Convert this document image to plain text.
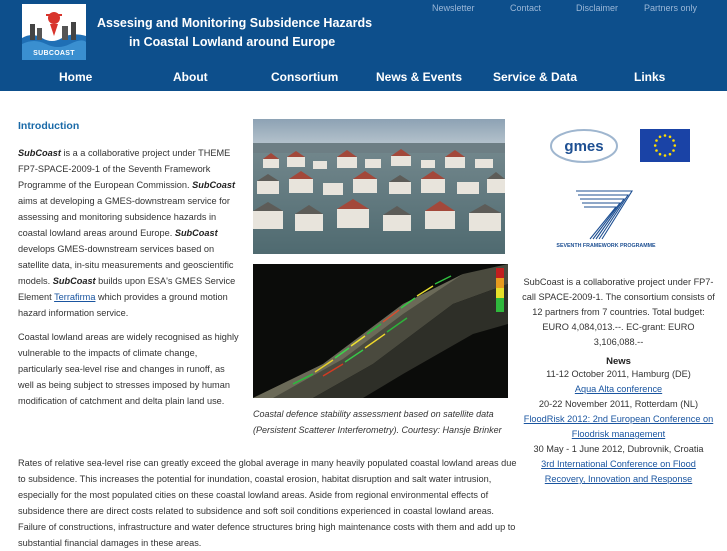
SUBCOAST
Assesing and Monitoring Subsidence Hazards
in Coastal Lowland around Europe
Newsletter	Contact	Disclaimer	Partners only
Home	About	Consortium	News & Events	Service & Data	Links
Introduction

SubCoast is a a collaborative project under THEME FP7-SPACE-2009-1 of the Seventh Framework Programme of the European Commission. SubCoast aims at developing a GMES-downstream service for assessing and monitoring subsidence hazards in coastal lowland areas around Europe. SubCoast develops GMES-downstream services based on satellite data, in-situ measurements and geoscientific models. SubCoast builds upon ESA's GMES Service Element Terrafirma which provides a ground motion hazard information service.

Coastal lowland areas are widely recognised as highly vulnerable to the impacts of climate change, particularly sea-level rise and changes in runoff, as well as being subject to stresses imposed by human modification of catchment and delta plain land use.

Coastal defence stability assessment based on satellite data (Persistent Scatterer Interferometry). Courtesy: Hansje Brinker
gmes
SEVENTH FRAMEWORK PROGRAMME
SubCoast is a collaborative project under FP7-call SPACE-2009-1. The consortium consists of 12 partners from 7 countries. Total budget: EURO 4,084,013.--. EC-grant: EURO 3,106,088.--
News
11-12 October 2011, Hamburg (DE)
Aqua Alta conference
20-22 November 2011, Rotterdam (NL)
FloodRisk 2012: 2nd European Conference on Floodrisk management
30 May - 1 June 2012, Dubrovnik, Croatia
3rd International Conference on Flood Recovery, Innovation and Response
Rates of relative sea-level rise can greatly exceed the global average in many heavily populated coastal lowland areas due to subsidence. This increases the potential for inundation, coastal erosion, habitat disruption and salt water intrusion, especially for the most populated cities on these coastal lowland areas. Aside from regional environmental effects of subsidence there are direct costs related to subsidence and soft soil conditions experienced in coastal lowland areas. Failure of constructions, infrastructure and water defence structures bring high maintenance costs with them and add up to substantial financial damages in these areas.
